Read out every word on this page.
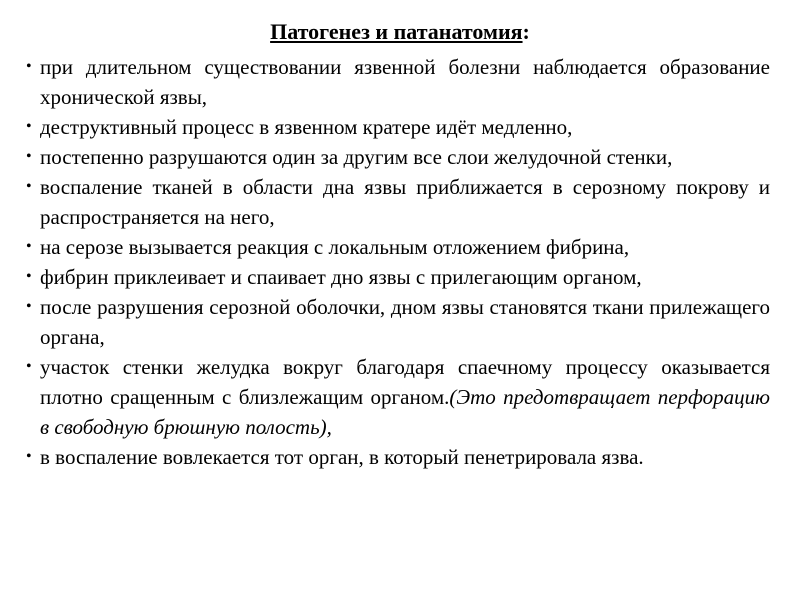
Патогенез и патанатомия:
• при длительном существовании язвенной болезни наблюдается образование хронической язвы,
• деструктивный процесс в язвенном кратере идёт медленно,
• постепенно разрушаются один за другим все слои желудочной стенки,
• воспаление тканей в области дна язвы приближается в серозному покрову и распространяется на него,
• на серозе вызывается реакция с локальным отложением фибрина,
• фибрин приклеивает и спаивает дно язвы с прилегающим органом,
• после разрушения серозной оболочки, дном язвы становятся ткани прилежащего органа,
• участок стенки желудка вокруг благодаря спаечному процессу оказывается плотно сращенным с близлежащим органом.(Это предотвращает перфорацию в свободную брюшную полость),
• в воспаление вовлекается тот орган, в который пенетрировала язва.
